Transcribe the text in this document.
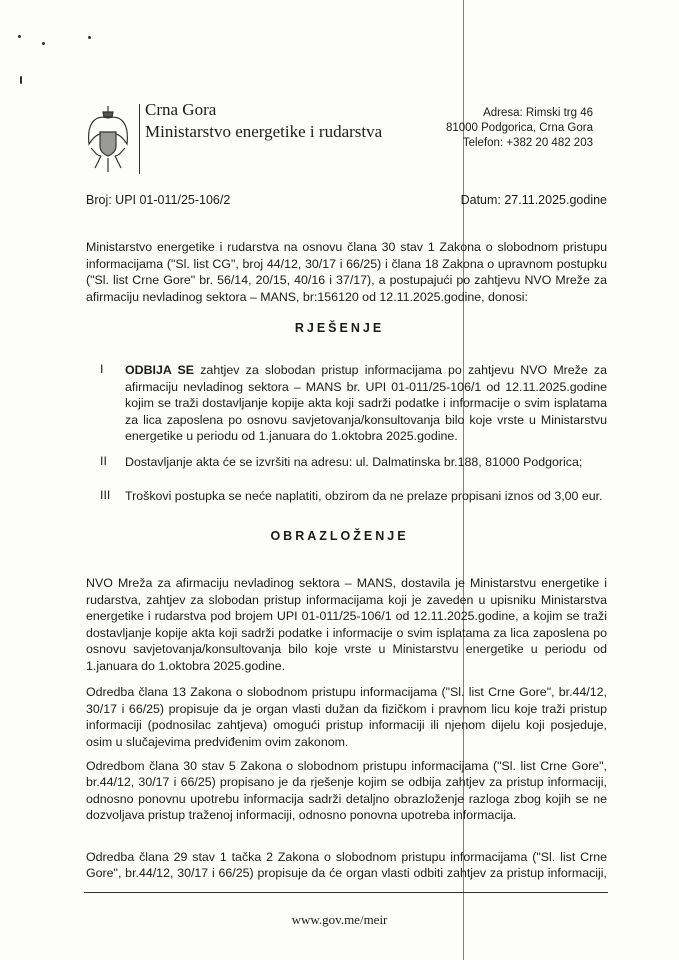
Crna Gora
Ministarstvo energetike i rudarstva
Adresa: Rimski trg 46
81000 Podgorica, Crna Gora
Telefon: +382 20 482 203
Broj: UPI 01-011/25-106/2	Datum: 27.11.2025.godine
Ministarstvo energetike i rudarstva na osnovu člana 30 stav 1 Zakona o slobodnom pristupu
informacijama ("Sl. list CG", broj 44/12, 30/17 i 66/25) i člana 18 Zakona o upravnom postupku
("Sl. list Crne Gore" br. 56/14, 20/15, 40/16 i 37/17), a postupajući po zahtjevu NVO Mreže za
afirmaciju nevladinog sektora – MANS, br:156120 od 12.11.2025.godine, donosi:
RJEŠENJE
I ODBIJA SE zahtjev za slobodan pristup informacijama po zahtjevu NVO Mreže za
afirmaciju nevladinog sektora – MANS br. UPI 01-011/25-106/1 od 12.11.2025.godine
kojim se traži dostavljanje kopije akta koji sadrži podatke i informacije o svim isplatama
za lica zaposlena po osnovu savjetovanja/konsultovanja bilo koje vrste u Ministarstvu
energetike u periodu od 1.januara do 1.oktobra 2025.godine.
II Dostavljanje akta će se izvršiti na adresu: ul. Dalmatinska br.188, 81000 Podgorica;
III Troškovi postupka se neće naplatiti, obzirom da ne prelaze propisani iznos od 3,00 eur.
OBRAZLOŽENJE
NVO Mreža za afirmaciju nevladinog sektora – MANS, dostavila je Ministarstvu energetike i
rudarstva, zahtjev za slobodan pristup informacijama koji je zaveden u upisniku Ministarstva
energetike i rudarstva pod brojem UPI 01-011/25-106/1 od 12.11.2025.godine, a kojim se traži
dostavljanje kopije akta koji sadrži podatke i informacije o svim isplatama za lica zaposlena po
osnovu savjetovanja/konsultovanja bilo koje vrste u Ministarstvu energetike u periodu od
1.januara do 1.oktobra 2025.godine.
Odredba člana 13 Zakona o slobodnom pristupu informacijama ("Sl. list Crne Gore", br.44/12,
30/17 i 66/25) propisuje da je organ vlasti dužan da fizičkom i pravnom licu koje traži pristup
informaciji (podnosilac zahtjeva) omogući pristup informaciji ili njenom dijelu koji posjeduje,
osim u slučajevima predviđenim ovim zakonom.
Odredbom člana 30 stav 5 Zakona o slobodnom pristupu informacijama ("Sl. list Crne Gore",
br.44/12, 30/17 i 66/25) propisano je da rješenje kojim se odbija zahtjev za pristup informaciji,
odnosno ponovnu upotrebu informacija sadrži detaljno obrazloženje razloga zbog kojih se ne
dozvoljava pristup traženoj informaciji, odnosno ponovna upotreba informacija.
Odredba člana 29 stav 1 tačka 2 Zakona o slobodnom pristupu informacijama ("Sl. list Crne
Gore", br.44/12, 30/17 i 66/25) propisuje da će organ vlasti odbiti zahtjev za pristup informaciji,
www.gov.me/meir
